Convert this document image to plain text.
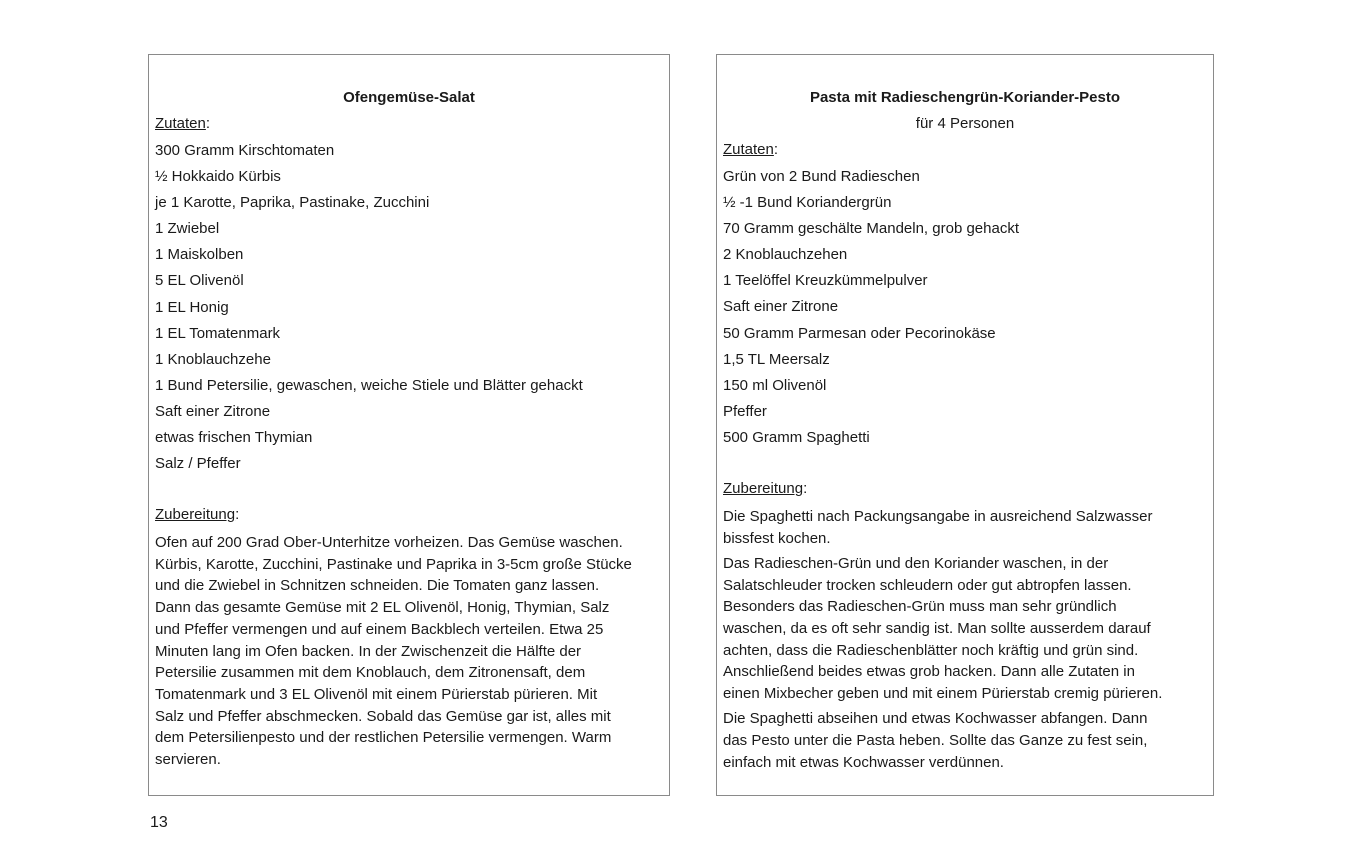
Ofengemüse-Salat
Zutaten:
300 Gramm Kirschtomaten
½ Hokkaido Kürbis
je 1 Karotte, Paprika, Pastinake, Zucchini
1 Zwiebel
1 Maiskolben
5 EL Olivenöl
1 EL Honig
1 EL Tomatenmark
1 Knoblauchzehe
1 Bund Petersilie, gewaschen, weiche Stiele und Blätter gehackt
Saft einer Zitrone
etwas frischen Thymian
Salz / Pfeffer
Zubereitung:
Ofen auf 200 Grad Ober-Unterhitze vorheizen. Das Gemüse waschen.
Kürbis, Karotte, Zucchini, Pastinake und Paprika in 3-5cm große Stücke
und die Zwiebel in Schnitzen schneiden. Die Tomaten ganz lassen.
Dann das gesamte Gemüse mit 2 EL Olivenöl, Honig, Thymian, Salz
und Pfeffer vermengen und auf einem Backblech verteilen. Etwa 25
Minuten lang im Ofen backen. In der Zwischenzeit die Hälfte der
Petersilie zusammen mit dem Knoblauch, dem Zitronensaft, dem
Tomatenmark und 3 EL Olivenöl mit einem Pürierstab pürieren. Mit
Salz und Pfeffer abschmecken. Sobald das Gemüse gar ist, alles mit
dem Petersilienpesto und der restlichen Petersilie vermengen. Warm
servieren.
Pasta mit Radieschengrün-Koriander-Pesto
für 4 Personen
Zutaten:
Grün von 2 Bund Radieschen
½ -1 Bund Koriandergrün
70 Gramm geschälte Mandeln, grob gehackt
2 Knoblauchzehen
1 Teelöffel Kreuzkümmelpulver
Saft einer Zitrone
50 Gramm Parmesan oder Pecorinokäse
1,5 TL Meersalz
150 ml Olivenöl
Pfeffer
500 Gramm Spaghetti
Zubereitung:

Die Spaghetti nach Packungsangabe in ausreichend Salzwasser
bissfest kochen.

Das Radieschen-Grün und den Koriander waschen, in der
Salatschleuder trocken schleudern oder gut abtropfen lassen.
Besonders das Radieschen-Grün muss man sehr gründlich
waschen, da es oft sehr sandig ist. Man sollte ausserdem darauf
achten, dass die Radieschenblätter noch kräftig und grün sind.
Anschließend beides etwas grob hacken. Dann alle Zutaten in
einen Mixbecher geben und mit einem Pürierstab cremig pürieren.

Die Spaghetti abseihen und etwas Kochwasser abfangen. Dann
das Pesto unter die Pasta heben. Sollte das Ganze zu fest sein,
einfach mit etwas Kochwasser verdünnen.

13
